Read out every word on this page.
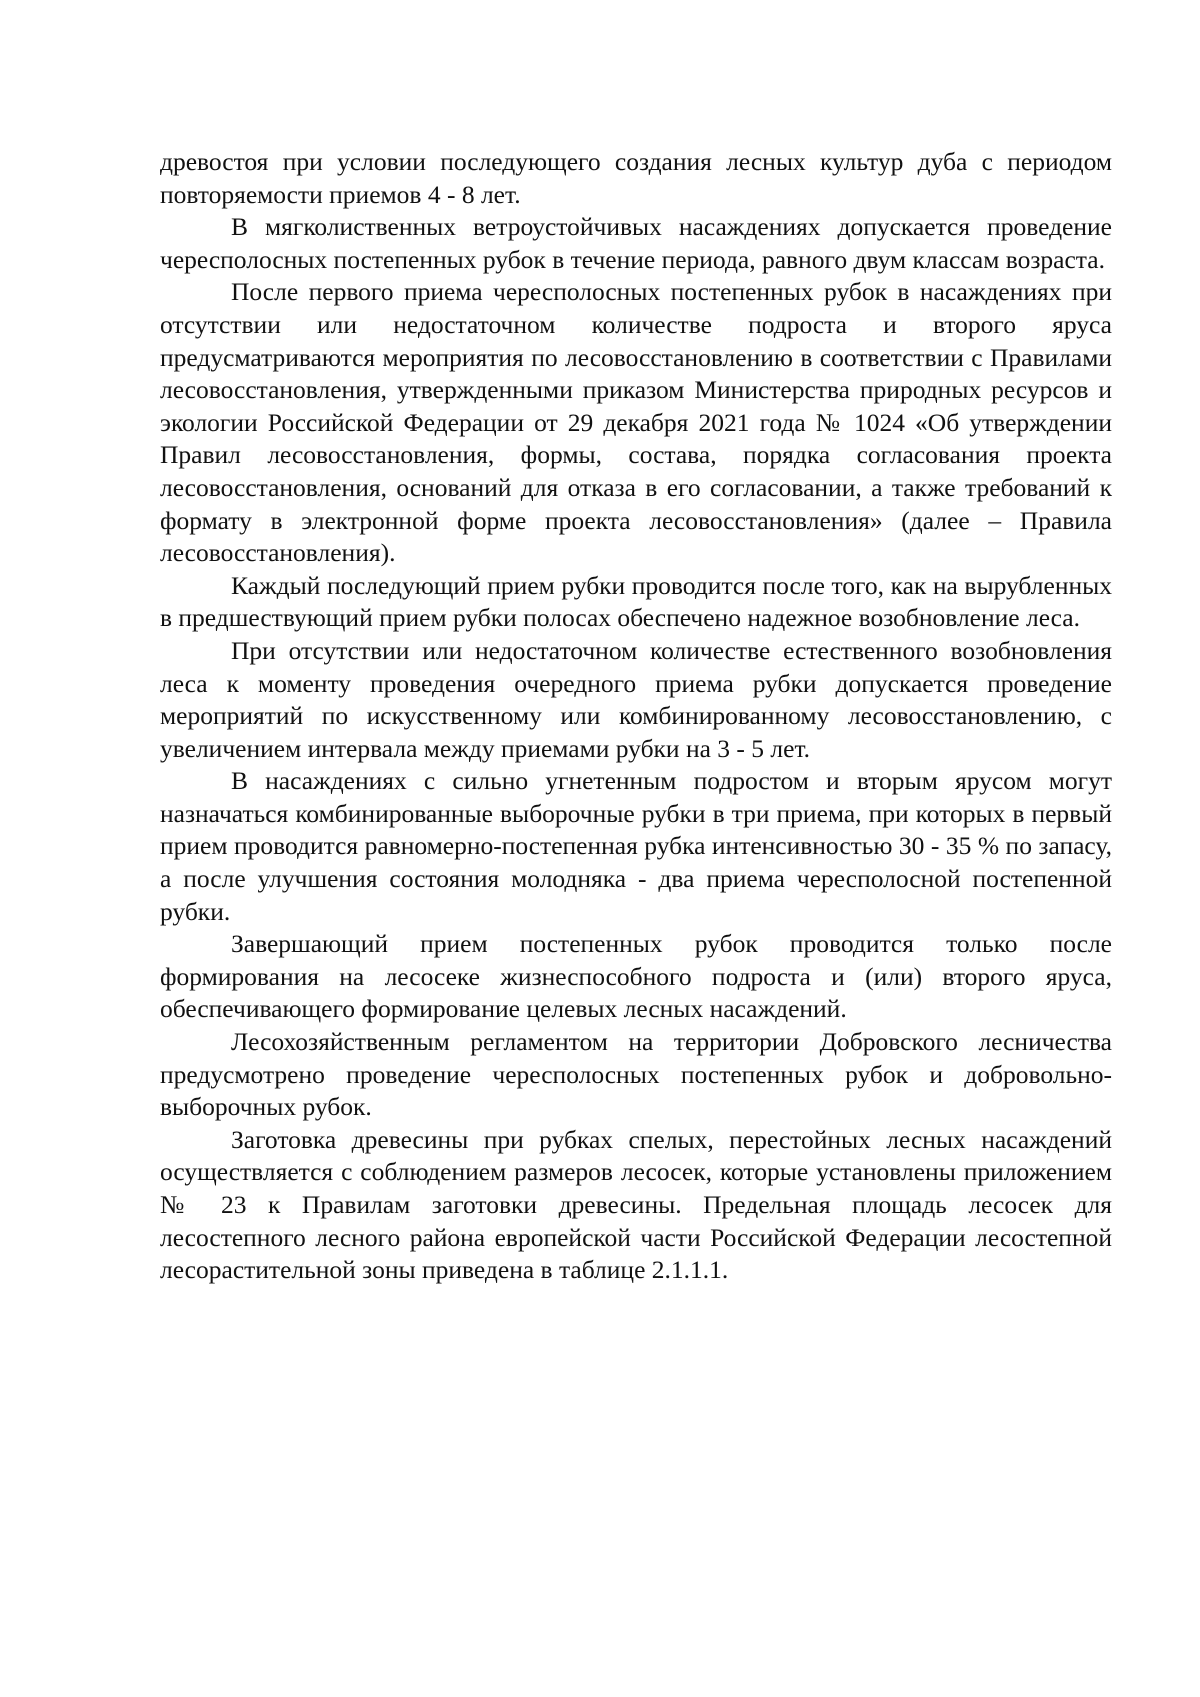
древостоя при условии последующего создания лесных культур дуба с периодом повторяемости приемов 4 - 8 лет.

В мягколиственных ветроустойчивых насаждениях допускается проведение чересполосных постепенных рубок в течение периода, равного двум классам возраста.

После первого приема чересполосных постепенных рубок в насаждениях при отсутствии или недостаточном количестве подроста и второго яруса предусматриваются мероприятия по лесовосстановлению в соответствии с Правилами лесовосстановления, утвержденными приказом Министерства природных ресурсов и экологии Российской Федерации от 29 декабря 2021 года № 1024 «Об утверждении Правил лесовосстановления, формы, состава, порядка согласования проекта лесовосстановления, оснований для отказа в его согласовании, а также требований к формату в электронной форме проекта лесовосстановления» (далее – Правила лесовосстановления).

Каждый последующий прием рубки проводится после того, как на вырубленных в предшествующий прием рубки полосах обеспечено надежное возобновление леса.

При отсутствии или недостаточном количестве естественного возобновления леса к моменту проведения очередного приема рубки допускается проведение мероприятий по искусственному или комбинированному лесовосстановлению, с увеличением интервала между приемами рубки на 3 - 5 лет.

В насаждениях с сильно угнетенным подростом и вторым ярусом могут назначаться комбинированные выборочные рубки в три приема, при которых в первый прием проводится равномерно-постепенная рубка интенсивностью 30 - 35 % по запасу, а после улучшения состояния молодняка - два приема чересполосной постепенной рубки.

Завершающий прием постепенных рубок проводится только после формирования на лесосеке жизнеспособного подроста и (или) второго яруса, обеспечивающего формирование целевых лесных насаждений.

Лесохозяйственным регламентом на территории Добровского лесничества предусмотрено проведение чересполосных постепенных рубок и добровольно-выборочных рубок.

Заготовка древесины при рубках спелых, перестойных лесных насаждений осуществляется с соблюдением размеров лесосек, которые установлены приложением № 23 к Правилам заготовки древесины. Предельная площадь лесосек для лесостепного лесного района европейской части Российской Федерации лесостепной лесорастительной зоны приведена в таблице 2.1.1.1.
